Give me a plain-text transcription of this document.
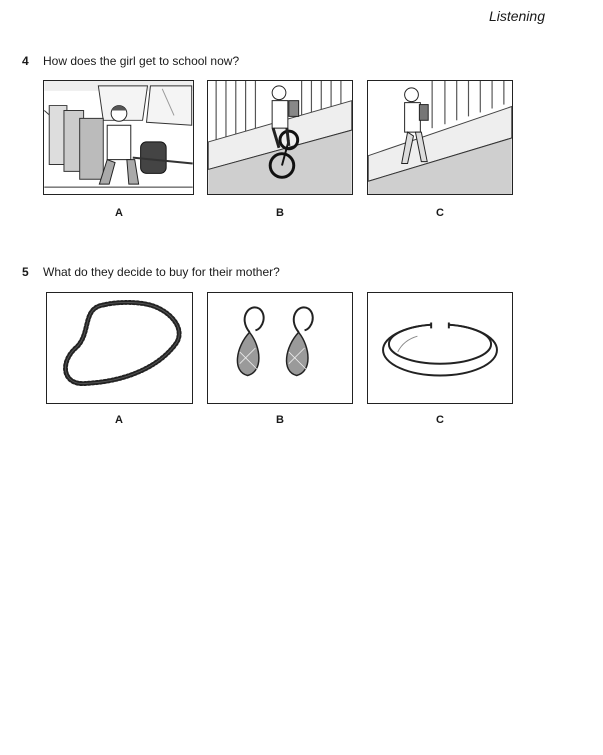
Listening
4 How does the girl get to school now?
A	B	C
5 What do they decide to buy for their mother?
A	B	C
